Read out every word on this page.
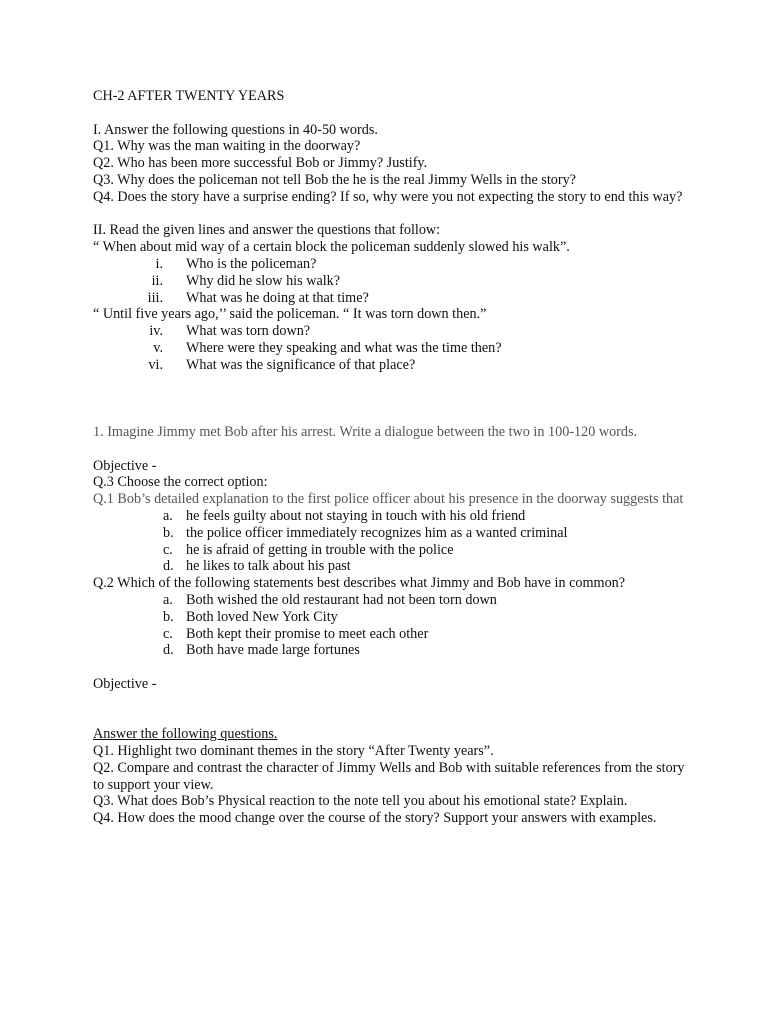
CH-2 AFTER TWENTY YEARS
I. Answer the following questions in 40-50 words.
Q1. Why was the man waiting in the doorway?
Q2. Who has been more successful Bob or Jimmy? Justify.
Q3. Why does the policeman not tell Bob the he is the real Jimmy Wells in the story?
Q4. Does the story have a surprise ending? If so, why were you not expecting the story to end this way?
II. Read the given lines and answer the questions that follow:
“ When about mid way of a certain block the policeman suddenly slowed his walk”.
i. Who is the policeman?
ii. Why did he slow his walk?
iii. What was he doing at that time?
“ Until five years ago,’’ said the policeman. “ It was torn down then.”
iv. What was torn down?
v. Where were they speaking and what was the time then?
vi. What was the significance of that place?
1. Imagine Jimmy met Bob after his arrest. Write a dialogue between the two in 100-120 words.
Objective -
Q.3 Choose the correct option:
Q.1 Bob’s detailed explanation to the first police officer about his presence in the doorway suggests that
a. he feels guilty about not staying in touch with his old friend
b. the police officer immediately recognizes him as a wanted criminal
c. he is afraid of getting in trouble with the police
d. he likes to talk about his past
Q.2 Which of the following statements best describes what Jimmy and Bob have in common?
a. Both wished the old restaurant had not been torn down
b. Both loved New York City
c. Both kept their promise to meet each other
d. Both have made large fortunes
Objective -
Answer the following questions.
Q1. Highlight two dominant themes in the story “After Twenty years”.
Q2. Compare and contrast the character of Jimmy Wells and Bob with suitable references from the story to support your view.
Q3. What does Bob’s Physical reaction to the note tell you about his emotional state? Explain.
Q4. How does the mood change over the course of the story? Support your answers with examples.
